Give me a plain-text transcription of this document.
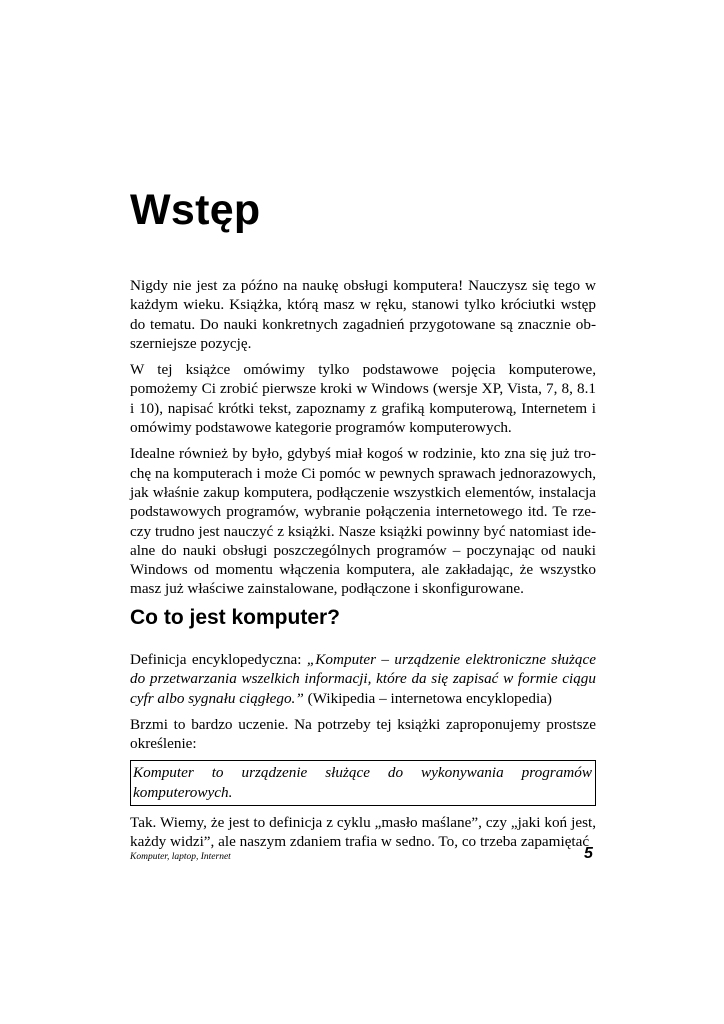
Wstęp

Nigdy nie jest za późno na naukę obsługi komputera! Nauczysz się tego w każdym wieku. Książka, którą masz w ręku, stanowi tylko króciutki wstęp do tematu. Do nauki konkretnych zagadnień przygotowane są znacznie obszerniejsze pozycję.

W tej książce omówimy tylko podstawowe pojęcia komputerowe, pomożemy Ci zrobić pierwsze kroki w Windows (wersje XP, Vista, 7, 8, 8.1 i 10), napisać krótki tekst, zapoznamy z grafiką komputerową, Internetem i omówimy podstawowe kategorie programów komputerowych.

Idealne również by było, gdybyś miał kogoś w rodzinie, kto zna się już trochę na komputerach i może Ci pomóc w pewnych sprawach jednorazowych, jak właśnie zakup komputera, podłączenie wszystkich elementów, instalacja podstawowych programów, wybranie połączenia internetowego itd. Te rzeczy trudno jest nauczyć z książki. Nasze książki powinny być natomiast idealne do nauki obsługi poszczególnych programów – poczynając od nauki Windows od momentu włączenia komputera, ale zakładając, że wszystko masz już właściwe zainstalowane, podłączone i skonfigurowane.

Co to jest komputer?

Definicja encyklopedyczna: „Komputer – urządzenie elektroniczne służące do przetwarzania wszelkich informacji, które da się zapisać w formie ciągu cyfr albo sygnału ciągłego.” (Wikipedia – internetowa encyklopedia)

Brzmi to bardzo uczenie. Na potrzeby tej książki zaproponujemy prostsze określenie:

Komputer to urządzenie służące do wykonywania programów komputerowych.

Tak. Wiemy, że jest to definicja z cyklu „masło maślane”, czy „jaki koń jest, każdy widzi”, ale naszym zdaniem trafia w sedno. To, co trzeba zapamiętać

Komputer, laptop, Internet	5
